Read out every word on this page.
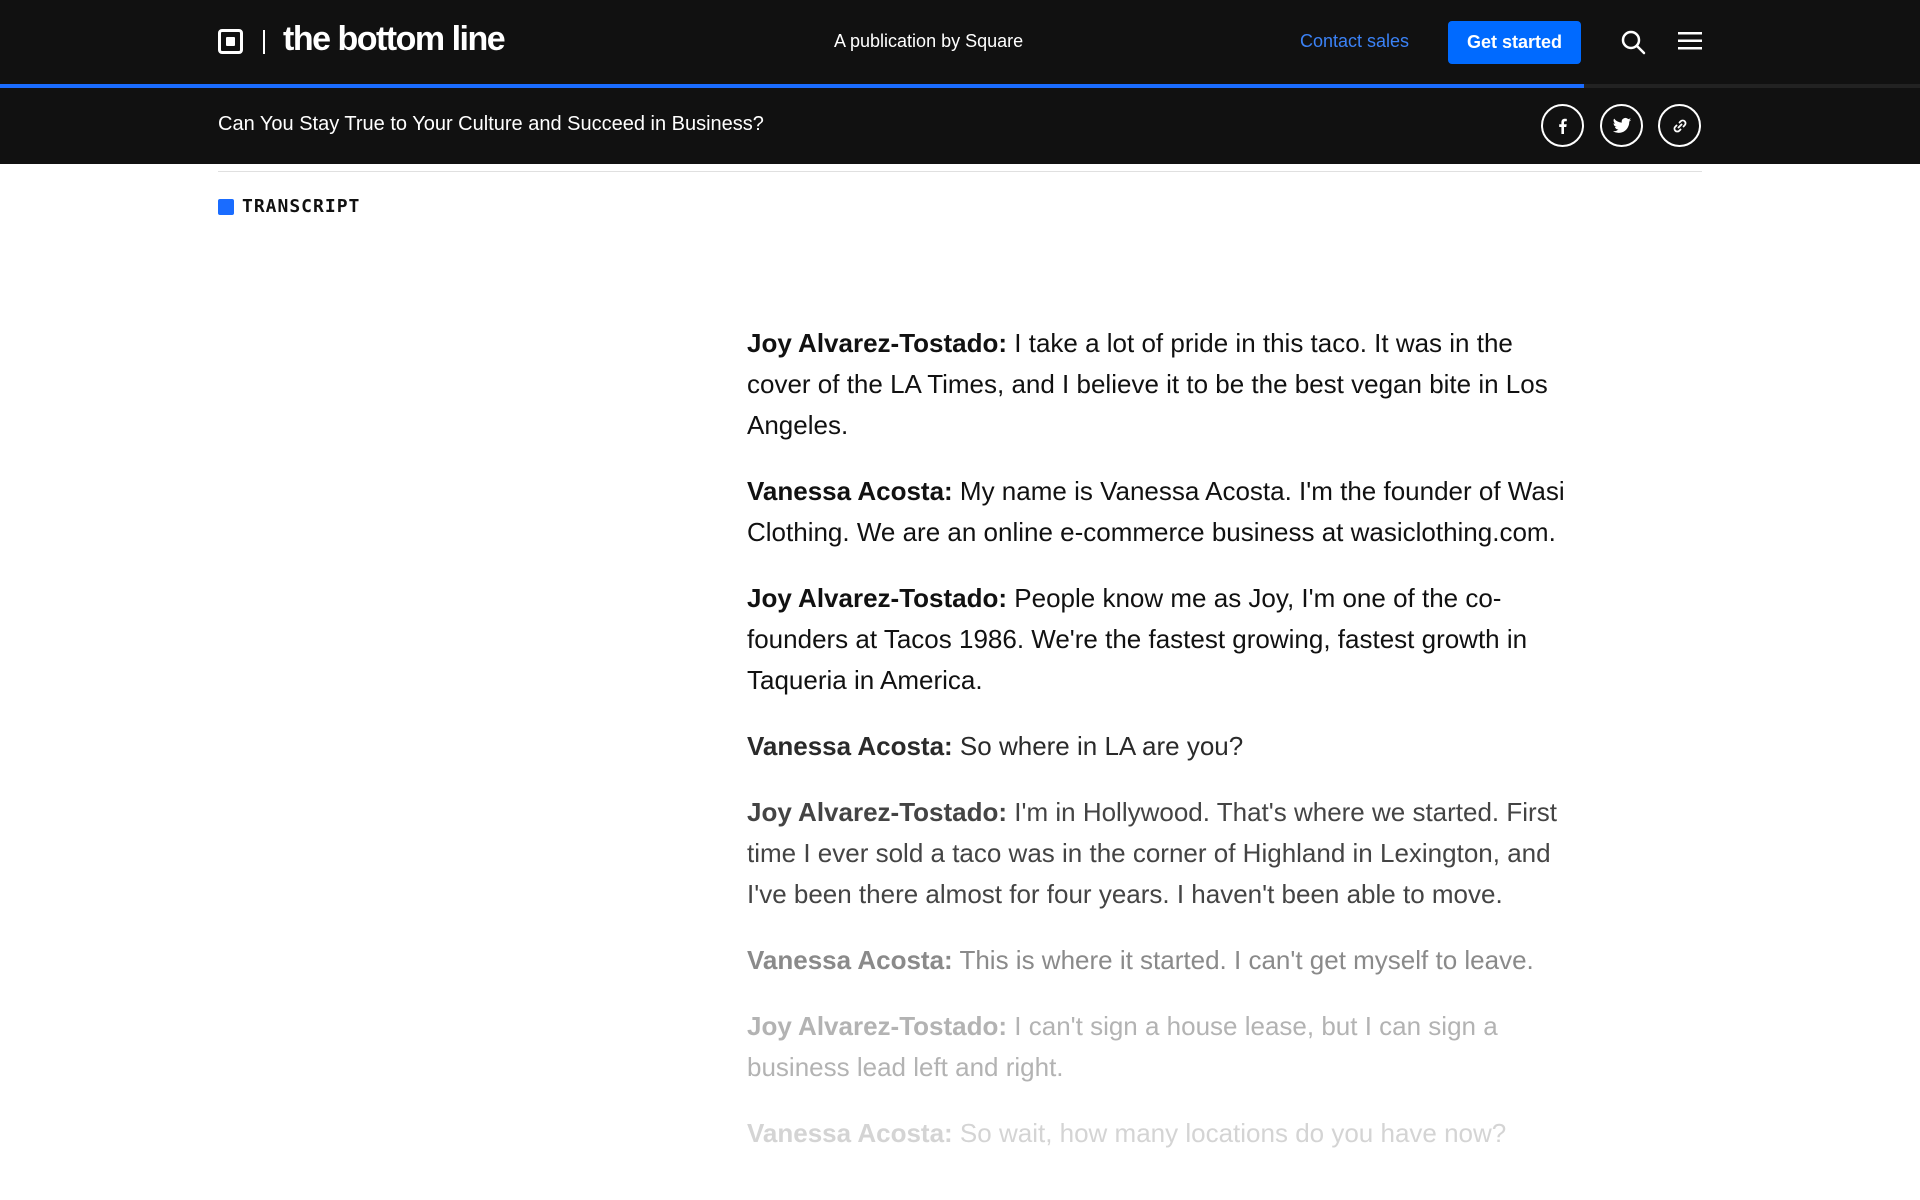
the bottom line	A publication by Square	Contact sales	Get started
Can You Stay True to Your Culture and Succeed in Business?
TRANSCRIPT

Joy Alvarez-Tostado: I take a lot of pride in this taco. It was in the cover of the LA Times, and I believe it to be the best vegan bite in Los Angeles.

Vanessa Acosta: My name is Vanessa Acosta. I'm the founder of Wasi Clothing. We are an online e-commerce business at wasiclothing.com.

Joy Alvarez-Tostado: People know me as Joy, I'm one of the co-founders at Tacos 1986. We're the fastest growing, fastest growth in Taqueria in America.

Vanessa Acosta: So where in LA are you?

Joy Alvarez-Tostado: I'm in Hollywood. That's where we started. First time I ever sold a taco was in the corner of Highland in Lexington, and I've been there almost for four years. I haven't been able to move.

Vanessa Acosta: This is where it started. I can't get myself to leave.

Joy Alvarez-Tostado: I can't sign a house lease, but I can sign a business lead left and right.

Vanessa Acosta: So wait, how many locations do you have now?
